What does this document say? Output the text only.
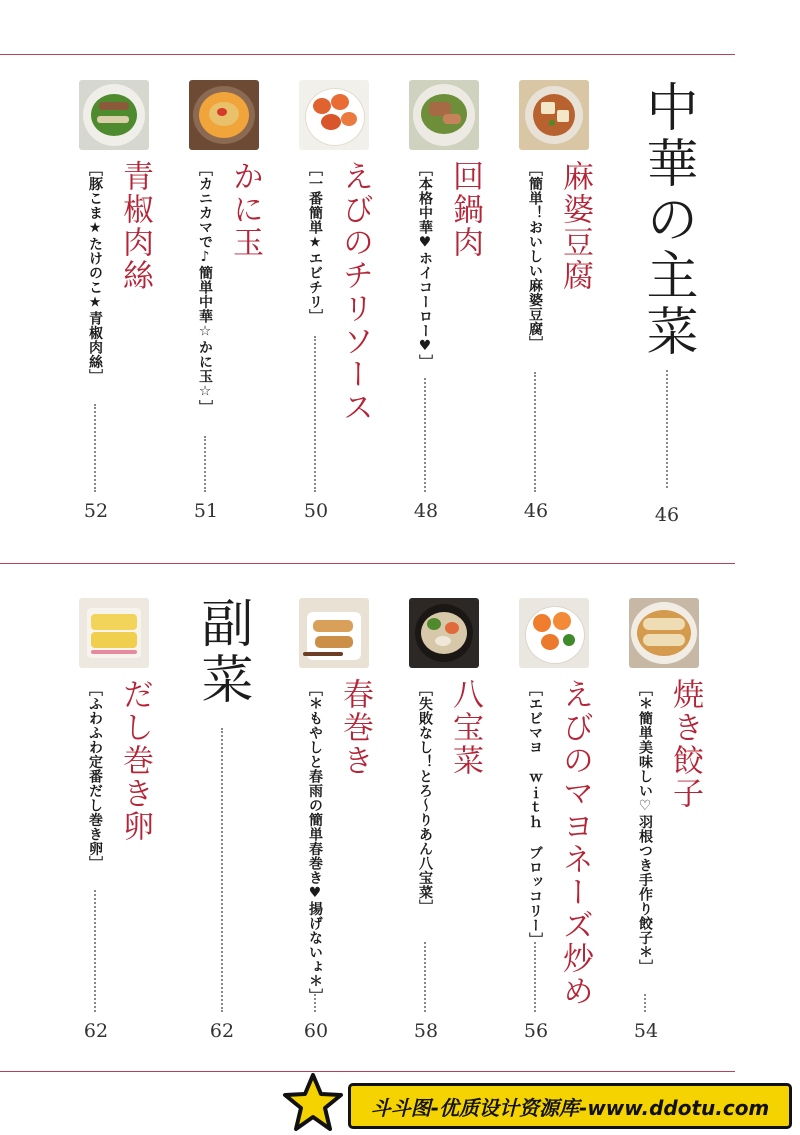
中華の主菜
46
麻婆豆腐
［簡単！おいしい麻婆豆腐］
46
回鍋肉
［本格中華♥ホイコーロー♥］
48
えびのチリソース
［一番簡単★エビチリ］
50
かに玉
［カニカマで♪簡単中華☆かに玉☆］
51
青椒肉絲
［豚こま★たけのこ★青椒肉絲］
52
焼き餃子
［＊簡単美味しい♡羽根つき手作り餃子＊］
54
えびのマヨネーズ炒め
［エビマヨ ｗｉｔｈ ブロッコリー］
56
八宝菜
［失敗なし！とろ～りあん八宝菜］
58
春巻き
［＊もやしと春雨の簡単春巻き♥揚げないょ＊］
60
副菜
62
だし巻き卵
［ふわふわ定番だし巻き卵］
62
斗斗图-优质设计资源库-www.ddotu.com
